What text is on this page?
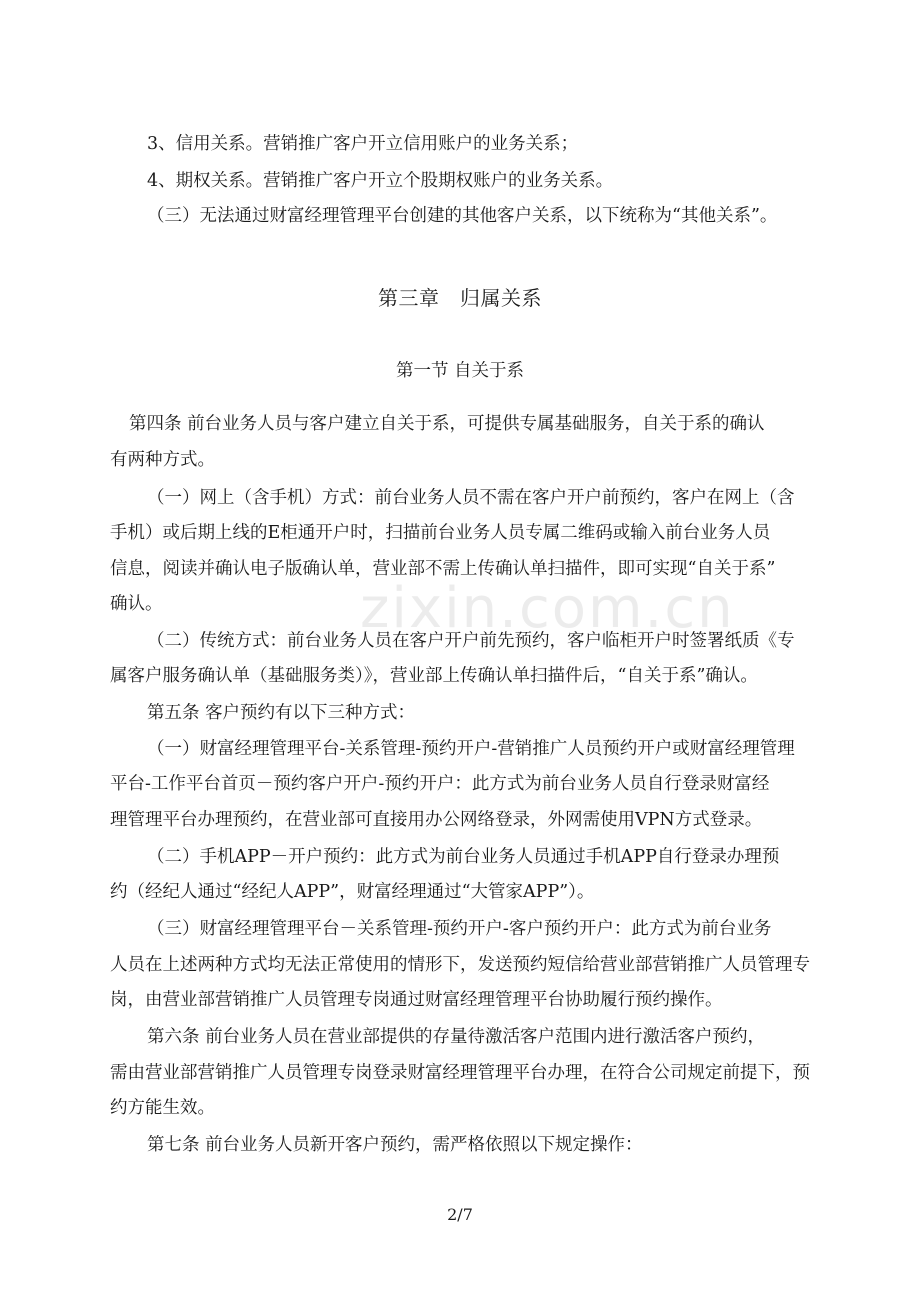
3、信用关系。营销推广客户开立信用账户的业务关系；
4、期权关系。营销推广客户开立个股期权账户的业务关系。
（三）无法通过财富经理管理平台创建的其他客户关系，以下统称为“其他关系”。
第三章　归属关系
第一节 自关于系
第四条 前台业务人员与客户建立自关于系，可提供专属基础服务，自关于系的确认
有两种方式。
（一）网上（含手机）方式：前台业务人员不需在客户开户前预约，客户在网上（含
手机）或后期上线的E柜通开户时，扫描前台业务人员专属二维码或输入前台业务人员
信息，阅读并确认电子版确认单，营业部不需上传确认单扫描件，即可实现“自关于系”
确认。
（二）传统方式：前台业务人员在客户开户前先预约，客户临柜开户时签署纸质《专
属客户服务确认单（基础服务类）》，营业部上传确认单扫描件后，“自关于系”确认。
第五条 客户预约有以下三种方式：
（一）财富经理管理平台-关系管理-预约开户-营销推广人员预约开户或财富经理管理
平台-工作平台首页－预约客户开户-预约开户：此方式为前台业务人员自行登录财富经
理管理平台办理预约，在营业部可直接用办公网络登录，外网需使用VPN方式登录。
（二）手机APP－开户预约：此方式为前台业务人员通过手机APP自行登录办理预
约（经纪人通过“经纪人APP”，财富经理通过“大管家APP”）。
（三）财富经理管理平台－关系管理-预约开户-客户预约开户：此方式为前台业务
人员在上述两种方式均无法正常使用的情形下，发送预约短信给营业部营销推广人员管理专
岗，由营业部营销推广人员管理专岗通过财富经理管理平台协助履行预约操作。
第六条 前台业务人员在营业部提供的存量待激活客户范围内进行激活客户预约，
需由营业部营销推广人员管理专岗登录财富经理管理平台办理，在符合公司规定前提下，预
约方能生效。
第七条 前台业务人员新开客户预约，需严格依照以下规定操作：
zixin.com.cn
2/7
